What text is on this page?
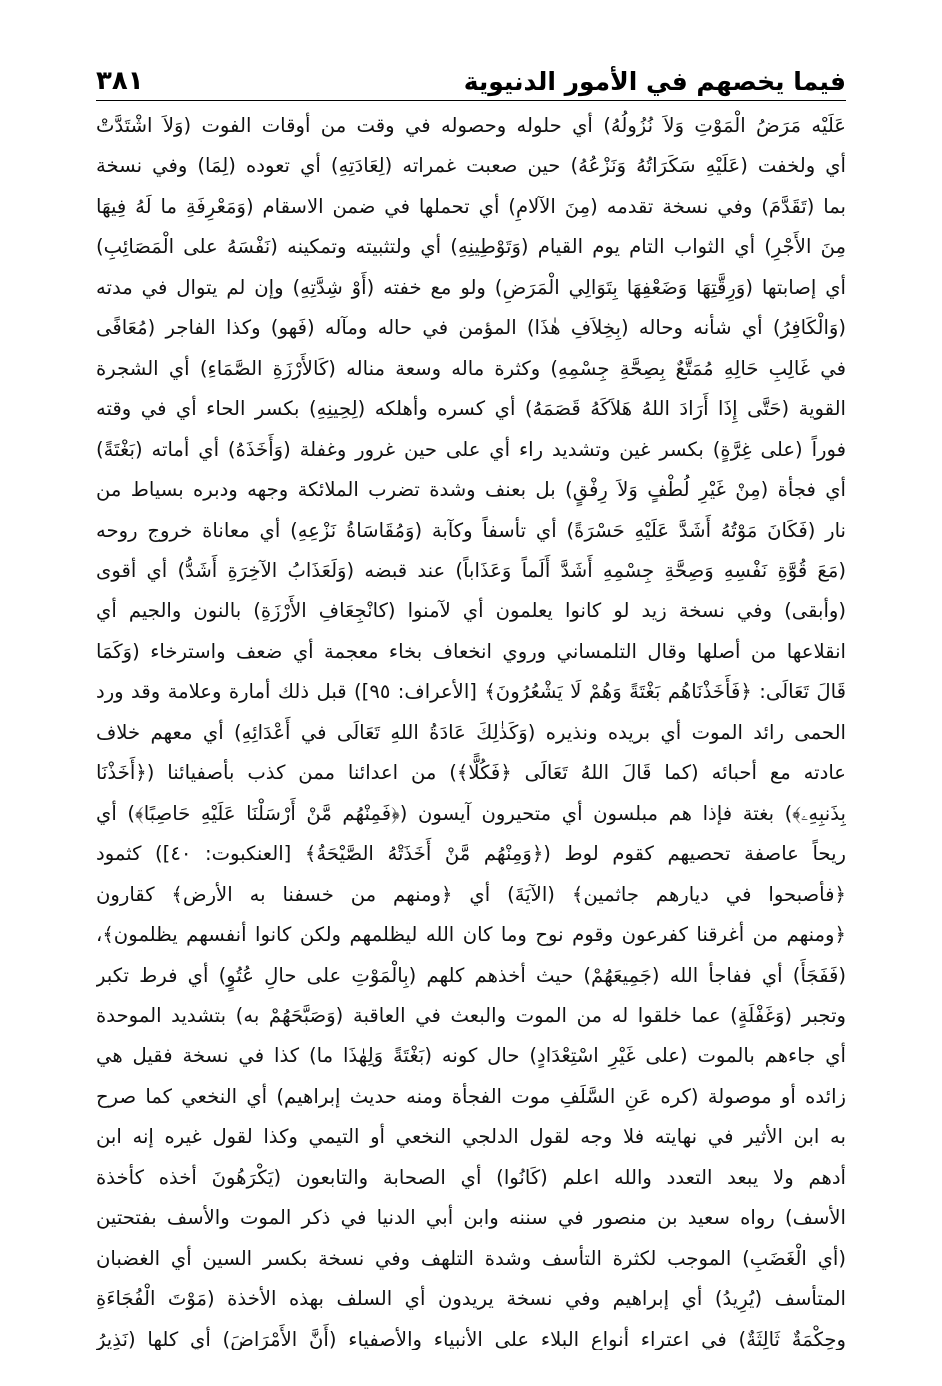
فيما يخصهم في الأمور الدنيوية
٣٨١
عَلَيْه مَرَضُ الْمَوْتِ وَلاَ نُزُولُهُ) أي حلوله وحصوله في وقت من أوقات الفوت (وَلاَ اشْتَدَّتْ
أي ولخفت (عَلَيْهِ سَكَرَاتُهُ وَنَزْعُهُ) حين صعبت غمراته (لِعَادَتِهِ) أي تعوده (لِمَا) وفي نسخة
بما (تَقَدَّمَ) وفي نسخة تقدمه (مِنَ الآلامِ) أي تحملها في ضمن الاسقام (وَمَعْرِفَةِ ما لَهُ فِيهَا
مِنَ الأَجْرِ) أي الثواب التام يوم القيام (وَتَوْطِينِهِ) أي ولتثبيته وتمكينه (نَفْسَهُ على الْمَصَائِبِ)
أي إصابتها (وَرِقَّتِهَا وَضَعْفِهَا بِتَوَالِي الْمَرَضِ) ولو مع خفته (أَوْ شِدَّتِهِ) وإن لم يتوال في مدته
(وَالْكَافِرُ) أي شأنه وحاله (بِخِلاَفِ هٰذَا) المؤمن في حاله ومآله (فَهو) وكذا الفاجر (مُعَافًى
في غَالِبِ حَالِهِ مُمَتَّعٌ بِصِحَّةِ جِسْمِهِ) وكثرة ماله وسعة مناله (كَالأَرْزَةِ الصَّمَاءِ) أي الشجرة
القوية (حَتَّى إِذَا أَرَادَ اللهُ هَلاَكَهُ قَصَمَهُ) أي كسره وأهلكه (لِحِينِهِ) بكسر الحاء أي في وقته
فوراً (على غِرَّةٍ) بكسر غين وتشديد راء أي على حين غرور وغفلة (وَأَخَذَهُ) أي أماته (بَغْتَةً)
أي فجأة (مِنْ غَيْرِ لُطْفٍ وَلاَ رِفْقٍ) بل بعنف وشدة تضرب الملائكة وجهه ودبره بسياط من
نار (فَكَانَ مَوْتُهُ أَشَدَّ عَلَيْهِ حَسْرَةً) أي تأسفاً وكآبة (وَمُقَاسَاةُ نَزْعِهِ) أي معاناة خروج روحه
(مَعَ قُوَّةِ نَفْسِهِ وَصِحَّةِ جِسْمِهِ أَشَدَّ أَلَماً وَعَذَاباً) عند قبضه (وَلَعَذَابُ الآخِرَةِ أَشَدُّ) أي أقوى
(وأبقى) وفي نسخة زيد لو كانوا يعلمون أي لآمنوا (كانْجِعَافِ الأَرْزَةِ) بالنون والجيم أي
انقلاعها من أصلها وقال التلمساني وروي انخعاف بخاء معجمة أي ضعف واسترخاء (وَكَمَا
قَالَ تَعَالَى: ﴿فَأَخَذْنَاهُم بَغْتَةً وَهُمْ لَا يَشْعُرُونَ﴾ [الأعراف: ٩٥]) قبل ذلك أمارة وعلامة وقد ورد
الحمى رائد الموت أي بريده ونذيره (وَكَذٰلِكَ عَادَةُ اللهِ تَعَالَى في أَعْدَائِهِ) أي معهم خلاف
عادته مع أحبائه (كما قَالَ اللهُ تَعَالَى ﴿فَكُلًّا﴾) من اعدائنا ممن كذب بأصفيائنا (﴿أَخَذْنَا
بِذَنبِهِۦ﴾) بغتة فإذا هم مبلسون أي متحيرون آيسون (﴿فَمِنْهُم مَّنْ أَرْسَلْنَا عَلَيْهِ حَاصِبًا﴾) أي
ريحاً عاصفة تحصيهم كقوم لوط (﴿وَمِنْهُم مَّنْ أَخَذَتْهُ الصَّيْحَةُ﴾ [العنكبوت: ٤٠]) كثمود
﴿فأصبحوا في ديارهم جاثمين﴾ (الآيَةَ) أي ﴿ومنهم من خسفنا به الأرض﴾ كقارون
﴿ومنهم من أغرقنا كفرعون وقوم نوح وما كان الله ليظلمهم ولكن كانوا أنفسهم يظلمون﴾،
(فَفَجَأَ) أي ففاجأ الله (جَمِيعَهُمْ) حيث أخذهم كلهم (بِالْمَوْتِ على حالِ عُتُوٍ) أي فرط تكبر
وتجبر (وَغَفْلَةٍ) عما خلقوا له من الموت والبعث في العاقبة (وَصَبَّحَهُمْ به) بتشديد الموحدة
أي جاءهم بالموت (على غَيْرِ اسْتِعْدَادٍ) حال كونه (بَغْتَةً وَلِهٰذَا ما) كذا في نسخة فقيل هي
زائده أو موصولة (كره عَنِ السَّلَفِ موت الفجأة ومنه حديث إبراهيم) أي النخعي كما صرح
به ابن الأثير في نهايته فلا وجه لقول الدلجي النخعي أو التيمي وكذا لقول غيره إنه ابن
أدهم ولا يبعد التعدد والله اعلم (كَانُوا) أي الصحابة والتابعون (يَكْرَهُونَ أخذه كأخذة
الأسف) رواه سعيد بن منصور في سننه وابن أبي الدنيا في ذكر الموت والأسف بفتحتين
(أي الْغَضَبِ) الموجب لكثرة التأسف وشدة التلهف وفي نسخة بكسر السين أي الغضبان
المتأسف (يُرِيدُ) أي إبراهيم وفي نسخة يريدون أي السلف بهذه الأخذة (مَوْتَ الْفُجَاءَةِ
وحِكْمَةٌ ثَالِثَةٌ) في اعتراء أنواع البلاء على الأنبياء والأصفياء (أَنَّ الأَمْرَاضَ) أي كلها (نَذِيرُ
